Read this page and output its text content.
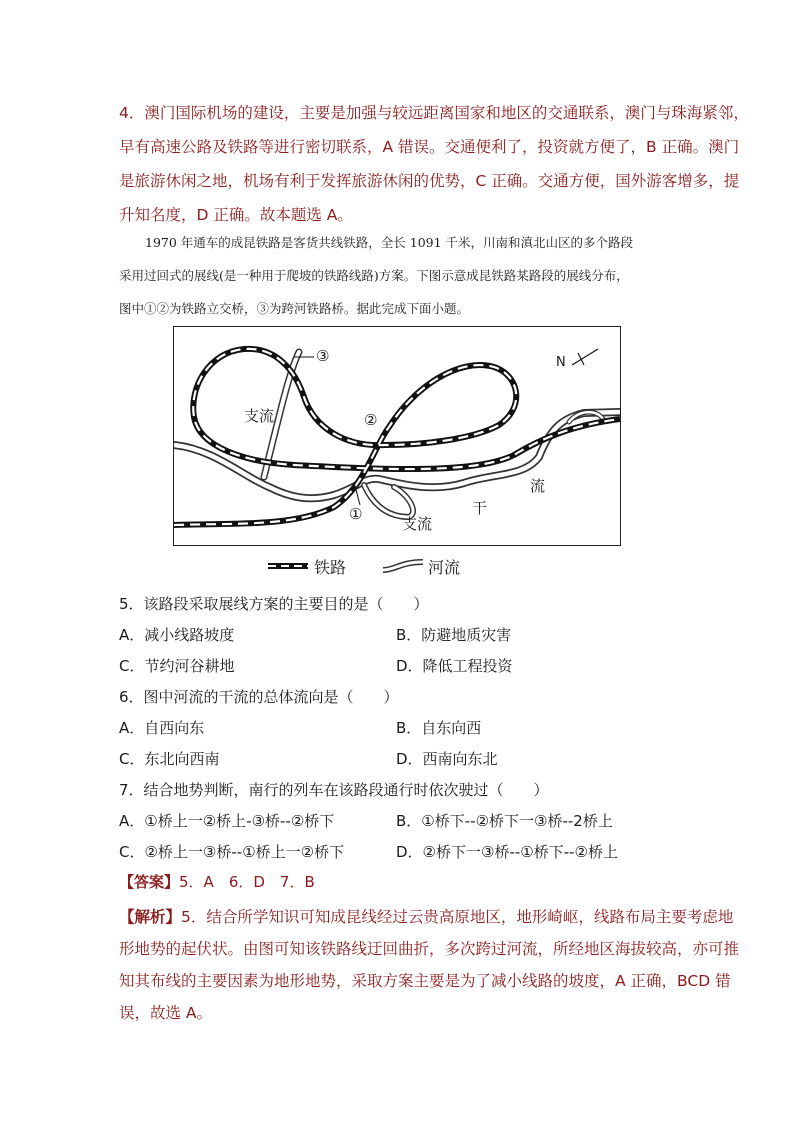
4．澳门国际机场的建设，主要是加强与较远距离国家和地区的交通联系，澳门与珠海紧邻，
早有高速公路及铁路等进行密切联系，A 错误。交通便利了，投资就方便了，B 正确。澳门
是旅游休闲之地，机场有利于发挥旅游休闲的优势，C 正确。交通方便，国外游客增多，提
升知名度，D 正确。故本题选 A。
1970 年通车的成昆铁路是客货共线铁路，全长 1091 千米，川南和滇北山区的多个路段
采用过回式的展线(是一种用于爬坡的铁路线路)方案。下图示意成昆铁路某路段的展线分布，
图中①②为铁路立交桥，③为跨河铁路桥。据此完成下面小题。
支流
支流
干
流
①
②
③	N
铁路	河流
5．该路段采取展线方案的主要目的是（　　）
A．减小线路坡度	B．防避地质灾害
C．节约河谷耕地	D．降低工程投资
6．图中河流的干流的总体流向是（　　）
A．自西向东	B．自东向西
C．东北向西南	D．西南向东北
7．结合地势判断，南行的列车在该路段通行时依次驶过（　　）
A．①桥上一②桥上-③桥--②桥下	B．①桥下--②桥下一③桥--2桥上
C．②桥上一③桥--①桥上一②桥下	D．②桥下一③桥--①桥下--②桥上
【答案】5．A　6．D　7．B
【解析】5．结合所学知识可知成昆线经过云贵高原地区，地形崎岖，线路布局主要考虑地
形地势的起伏状。由图可知该铁路线迂回曲折，多次跨过河流，所经地区海拔较高，亦可推
知其布线的主要因素为地形地势，采取方案主要是为了减小线路的坡度，A 正确，BCD 错
误，故选 A。
